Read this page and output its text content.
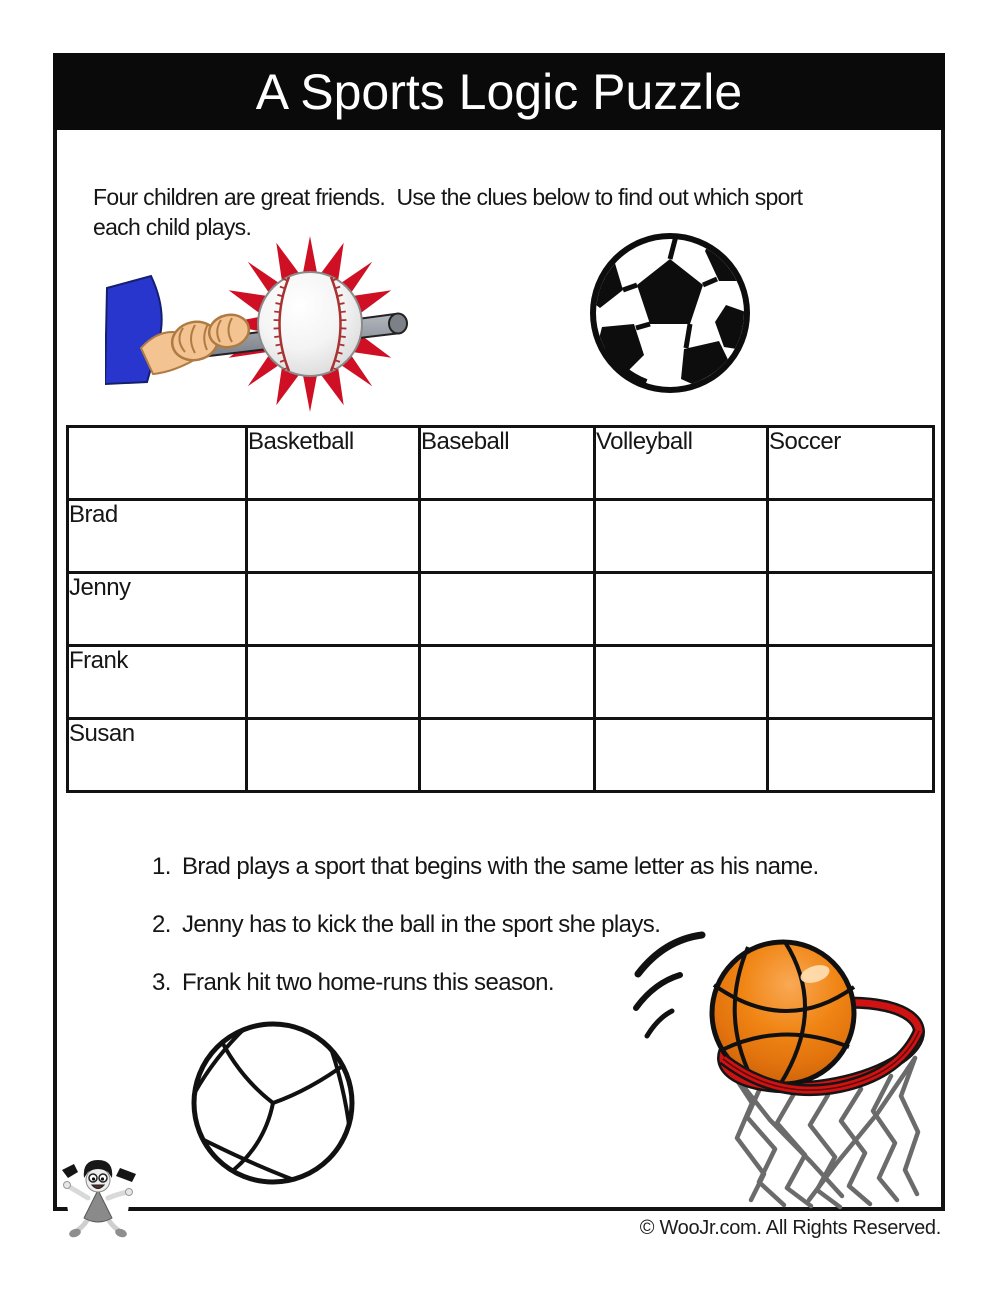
A Sports Logic Puzzle
Four children are great friends.  Use the clues below to find out which sport
each child plays.
	Basketball	Baseball	Volleyball	Soccer
Brad				
Jenny				
Frank				
Susan				
1. Brad plays a sport that begins with the same letter as his name.
2. Jenny has to kick the ball in the sport she plays.
3. Frank hit two home-runs this season.
© WooJr.com. All Rights Reserved.
